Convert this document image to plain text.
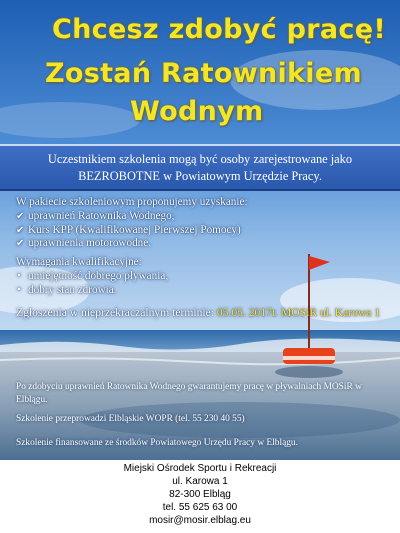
Chcesz zdobyć pracę!
Zostań Ratownikiem
Wodnym
Uczestnikiem szkolenia mogą być osoby zarejestrowane jako
BEZROBOTNE w Powiatowym Urzędzie Pracy.
W pakiecie szkoleniowym proponujemy uzyskanie:
✔ uprawnień Ratownika Wodnego,
✔ Kurs KPP (Kwalifikowanej Pierwszej Pomocy)
✔ uprawnienia motorowodne.
Wymagania kwalifikacyjne:
• umiejętność dobrego pływania,
• dobry stan zdrowia.
Zgłoszenia w nieprzekraczalnym terminie: 05.05. 2017r. MOSiR ul. Karowa 1
Po zdobyciu uprawnień Ratownika Wodnego gwarantujemy pracę w pływalniach MOSiR w Elblągu.
Szkolenie przeprowadzi Elbląskie WOPR (tel. 55 230 40 55)
Szkolenie finansowane ze środków Powiatowego Urzędu Pracy w Elblągu.
Miejski Ośrodek Sportu i Rekreacji
ul. Karowa 1
82-300 Elbląg
tel. 55 625 63 00
mosir@mosir.elblag.eu
